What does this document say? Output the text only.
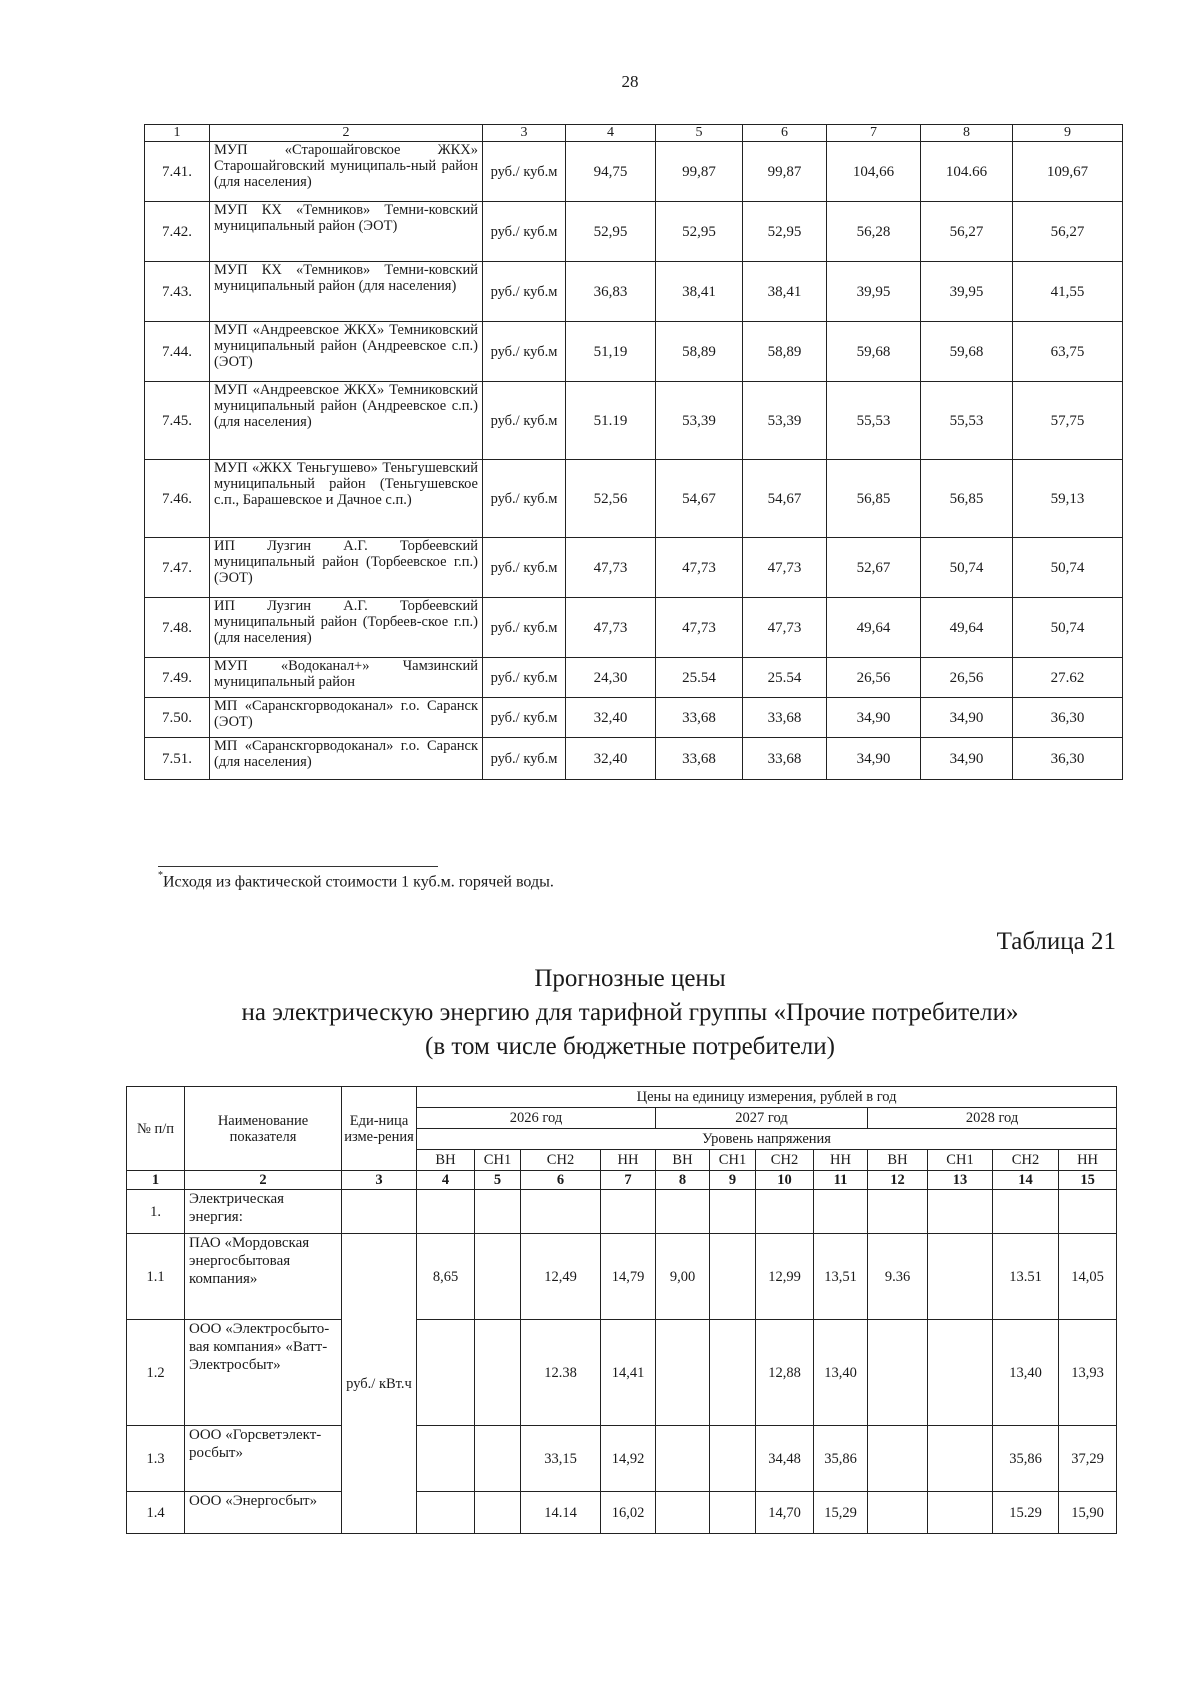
28
1	2	3	4	5	6	7	8	9
7.41.	МУП «Старошайговское ЖКХ» Старошайговский муниципаль-ный район (для населения)	руб./ куб.м	94,75	99,87	99,87	104,66	104.66	109,67
7.42.	МУП КХ «Темников» Темни-ковский муниципальный район (ЭОТ)	руб./ куб.м	52,95	52,95	52,95	56,28	56,27	56,27
7.43.	МУП КХ «Темников» Темни-ковский муниципальный район (для населения)	руб./ куб.м	36,83	38,41	38,41	39,95	39,95	41,55
7.44.	МУП «Андреевское ЖКХ» Темниковский муниципальный район (Андреевское с.п.) (ЭОТ)	руб./ куб.м	51,19	58,89	58,89	59,68	59,68	63,75
7.45.	МУП «Андреевское ЖКХ» Темниковский муниципальный район (Андреевское с.п.) (для населения)	руб./ куб.м	51.19	53,39	53,39	55,53	55,53	57,75
7.46.	МУП «ЖКХ Теньгушево» Теньгушевский муниципальный район (Теньгушевское с.п., Барашевское и Дачное с.п.)	руб./ куб.м	52,56	54,67	54,67	56,85	56,85	59,13
7.47.	ИП Лузгин А.Г. Торбеевский муниципальный район (Торбеевское г.п.) (ЭОТ)	руб./ куб.м	47,73	47,73	47,73	52,67	50,74	50,74
7.48.	ИП Лузгин А.Г. Торбеевский муниципальный район (Торбеев-ское г.п.) (для населения)	руб./ куб.м	47,73	47,73	47,73	49,64	49,64	50,74
7.49.	МУП «Водоканал+» Чамзинский муниципальный район	руб./ куб.м	24,30	25.54	25.54	26,56	26,56	27.62
7.50.	МП «Саранскгорводоканал» г.о. Саранск (ЭОТ)	руб./ куб.м	32,40	33,68	33,68	34,90	34,90	36,30
7.51.	МП «Саранскгорводоканал» г.о. Саранск (для населения)	руб./ куб.м	32,40	33,68	33,68	34,90	34,90	36,30
*Исходя из фактической стоимости 1 куб.м. горячей воды.
Таблица 21
Прогнозные цены
на электрическую энергию для тарифной группы «Прочие потребители»
(в том числе бюджетные потребители)
№ п/п	Наименование показателя	Еди-ница изме-рения	Цены на единицу измерения, рублей в год											
			2026 год				2027 год				2028 год			
			Уровень напряжения											
			ВН	СН1	СН2	НН	ВН	СН1	СН2	НН	ВН	СН1	СН2	НН
1	2	3	4	5	6	7	8	9	10	11	12	13	14	15
1.	Электрическая энергия:													
1.1	ПАО «Мордовская энергосбытовая компания»	руб./ кВт.ч	8,65		12,49	14,79	9,00		12,99	13,51	9.36		13.51	14,05
1.2	ООО «Электросбыто-вая компания» «Ватт-Электросбыт»				12.38	14,41			12,88	13,40			13,40	13,93
1.3	ООО «Горсветэлект-росбыт»				33,15	14,92			34,48	35,86			35,86	37,29
1.4	ООО «Энергосбыт»				14.14	16,02			14,70	15,29			15.29	15,90
